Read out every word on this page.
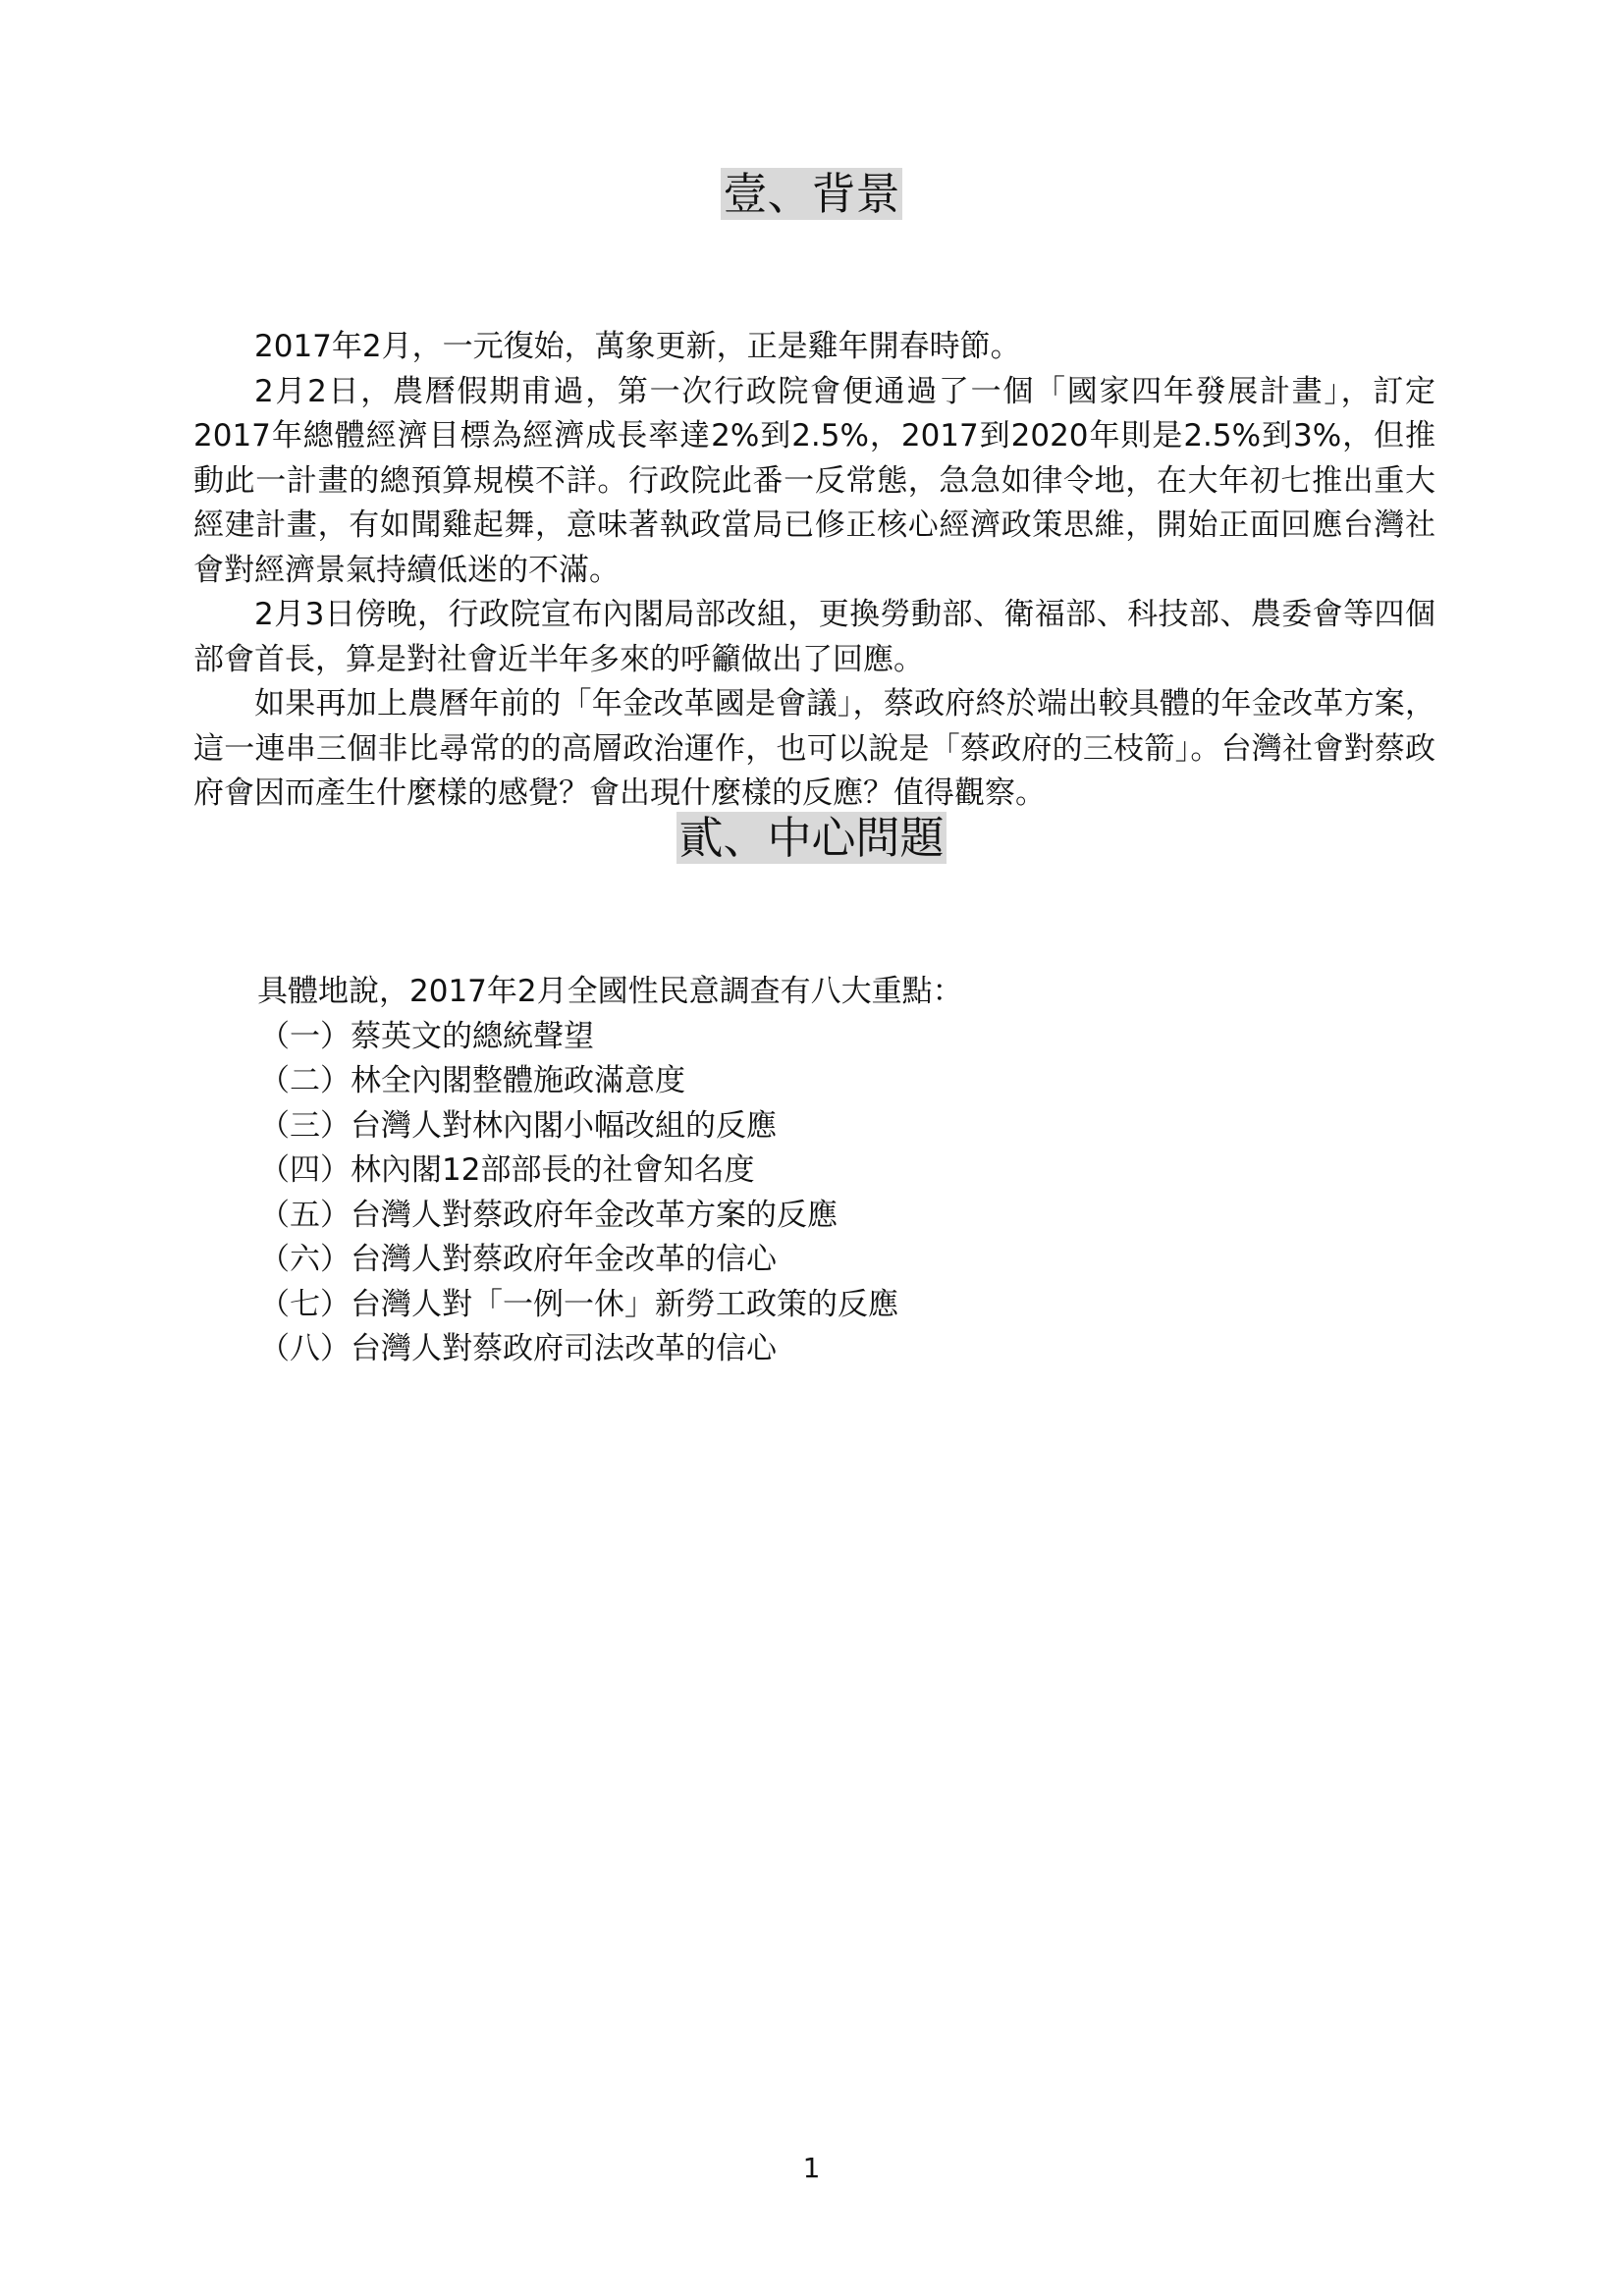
壹、背景

2017年2月，一元復始，萬象更新，正是雞年開春時節。

2月2日，農曆假期甫過，第一次行政院會便通過了一個「國家四年發展計畫」，訂定2017年總體經濟目標為經濟成長率達2%到2.5%，2017到2020年則是2.5%到3%，但推動此一計畫的總預算規模不詳。行政院此番一反常態，急急如律令地，在大年初七推出重大經建計畫，有如聞雞起舞，意味著執政當局已修正核心經濟政策思維，開始正面回應台灣社會對經濟景氣持續低迷的不滿。

2月3日傍晚，行政院宣布內閣局部改組，更換勞動部、衛福部、科技部、農委會等四個部會首長，算是對社會近半年多來的呼籲做出了回應。

如果再加上農曆年前的「年金改革國是會議」，蔡政府終於端出較具體的年金改革方案，這一連串三個非比尋常的的高層政治運作，也可以說是「蔡政府的三枝箭」。台灣社會對蔡政府會因而產生什麼樣的感覺？會出現什麼樣的反應？值得觀察。

貳、中心問題

具體地說，2017年2月全國性民意調查有八大重點：

（一）蔡英文的總統聲望
（二）林全內閣整體施政滿意度
（三）台灣人對林內閣小幅改組的反應
（四）林內閣12部部長的社會知名度
（五）台灣人對蔡政府年金改革方案的反應
（六）台灣人對蔡政府年金改革的信心
（七）台灣人對「一例一休」新勞工政策的反應
（八）台灣人對蔡政府司法改革的信心
1
